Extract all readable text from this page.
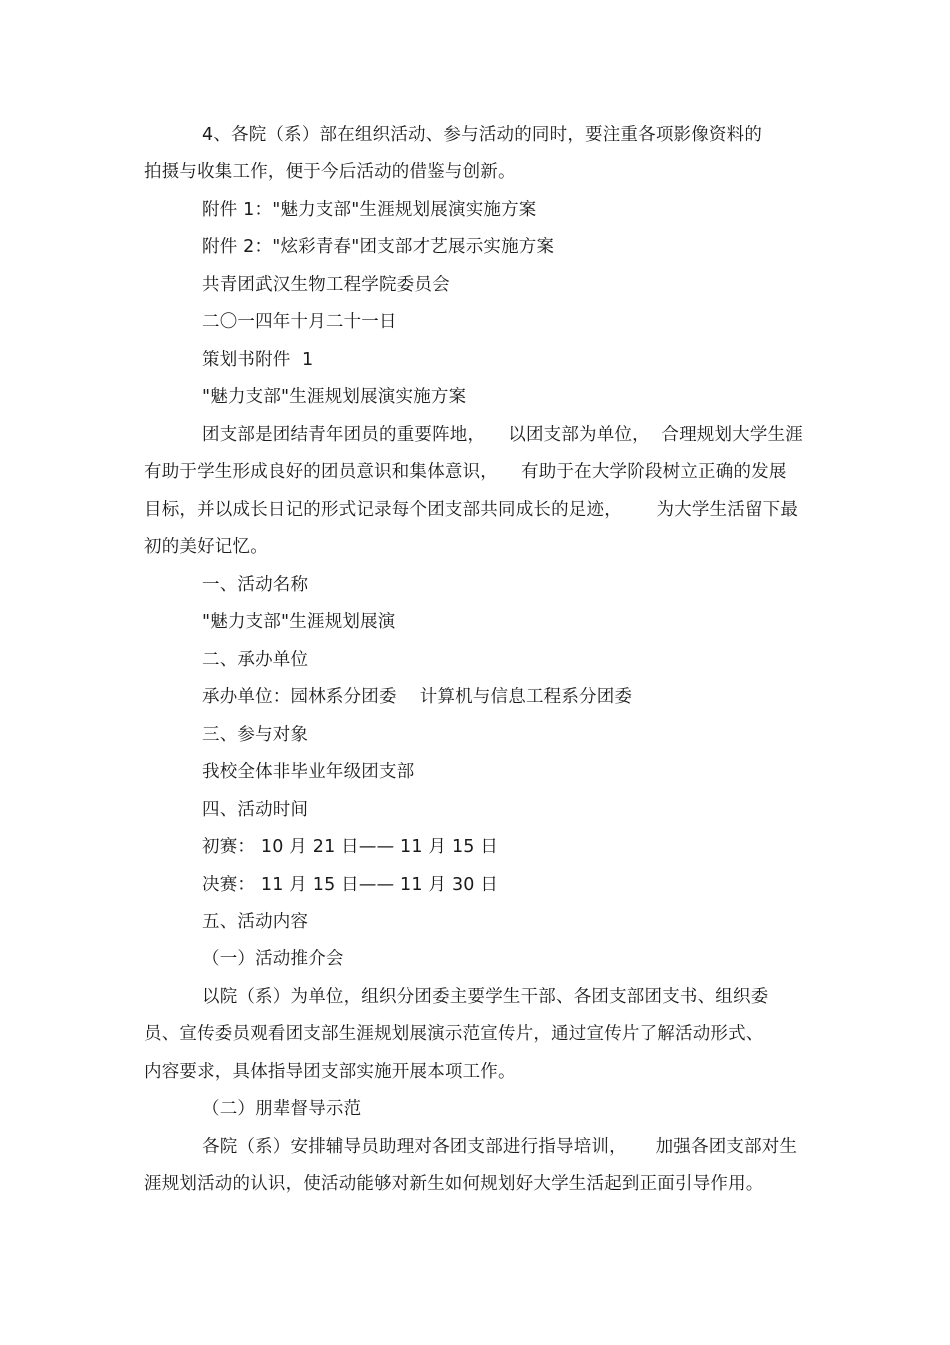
4、各院（系）部在组织活动、参与活动的同时，要注重各项影像资料的
拍摄与收集工作，便于今后活动的借鉴与创新。
附件 1："魅力支部"生涯规划展演实施方案
附件 2："炫彩青春"团支部才艺展示实施方案
共青团武汉生物工程学院委员会
二〇一四年十月二十一日
策划书附件  1
"魅力支部"生涯规划展演实施方案
团支部是团结青年团员的重要阵地，    以团支部为单位，  合理规划大学生涯
有助于学生形成良好的团员意识和集体意识，    有助于在大学阶段树立正确的发展
目标，并以成长日记的形式记录每个团支部共同成长的足迹，      为大学生活留下最
初的美好记忆。
一、活动名称
"魅力支部"生涯规划展演
二、承办单位
承办单位：园林系分团委    计算机与信息工程系分团委
三、参与对象
我校全体非毕业年级团支部
四、活动时间
初赛： 10 月 21 日—— 11 月 15 日
决赛： 11 月 15 日—— 11 月 30 日
五、活动内容
（一）活动推介会
以院（系）为单位，组织分团委主要学生干部、各团支部团支书、组织委
员、宣传委员观看团支部生涯规划展演示范宣传片，通过宣传片了解活动形式、
内容要求，具体指导团支部实施开展本项工作。
（二）朋辈督导示范
各院（系）安排辅导员助理对各团支部进行指导培训，     加强各团支部对生
涯规划活动的认识，使活动能够对新生如何规划好大学生活起到正面引导作用。
